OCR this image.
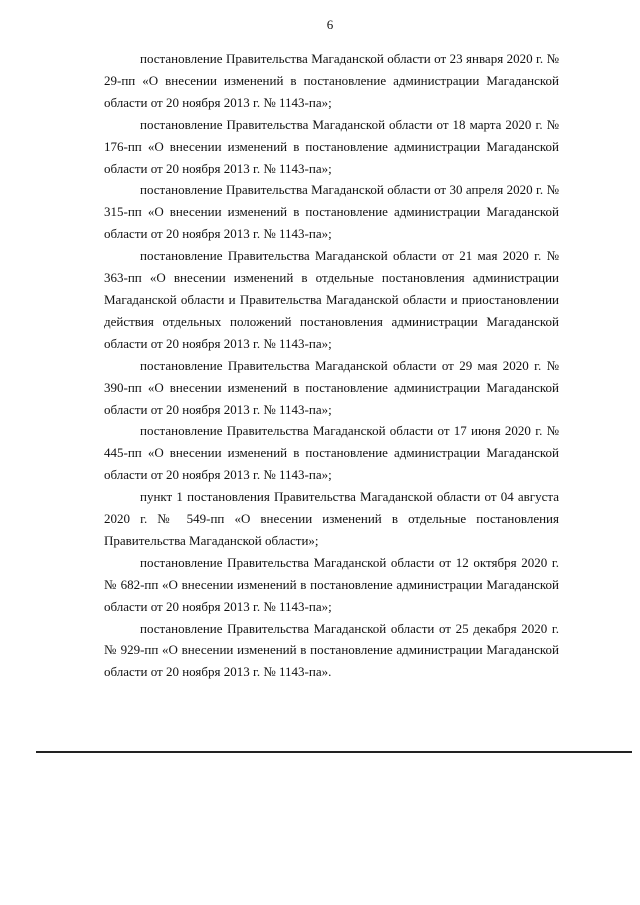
6

постановление Правительства Магаданской области от 23 января 2020 г. № 29-пп «О внесении изменений в постановление администрации Магаданской области от 20 ноября 2013 г. № 1143-па»;

постановление Правительства Магаданской области от 18 марта 2020 г. № 176-пп «О внесении изменений в постановление администрации Магаданской области от 20 ноября 2013 г. № 1143-па»;

постановление Правительства Магаданской области от 30 апреля 2020 г. № 315-пп «О внесении изменений в постановление администрации Магаданской области от 20 ноября 2013 г. № 1143-па»;

постановление Правительства Магаданской области от 21 мая 2020 г. № 363-пп «О внесении изменений в отдельные постановления администрации Магаданской области и Правительства Магаданской области и приостановлении действия отдельных положений постановления администрации Магаданской области от 20 ноября 2013 г. № 1143-па»;

постановление Правительства Магаданской области от 29 мая 2020 г. № 390-пп «О внесении изменений в постановление администрации Магаданской области от 20 ноября 2013 г. № 1143-па»;

постановление Правительства Магаданской области от 17 июня 2020 г. № 445-пп «О внесении изменений в постановление администрации Магаданской области от 20 ноября 2013 г. № 1143-па»;

пункт 1 постановления Правительства Магаданской области от 04 августа 2020 г. № 549-пп «О внесении изменений в отдельные постановления Правительства Магаданской области»;

постановление Правительства Магаданской области от 12 октября 2020 г. № 682-пп «О внесении изменений в постановление администрации Магаданской области от 20 ноября 2013 г. № 1143-па»;

постановление Правительства Магаданской области от 25 декабря 2020 г. № 929-пп «О внесении изменений в постановление администрации Магаданской области от 20 ноября 2013 г. № 1143-па».
